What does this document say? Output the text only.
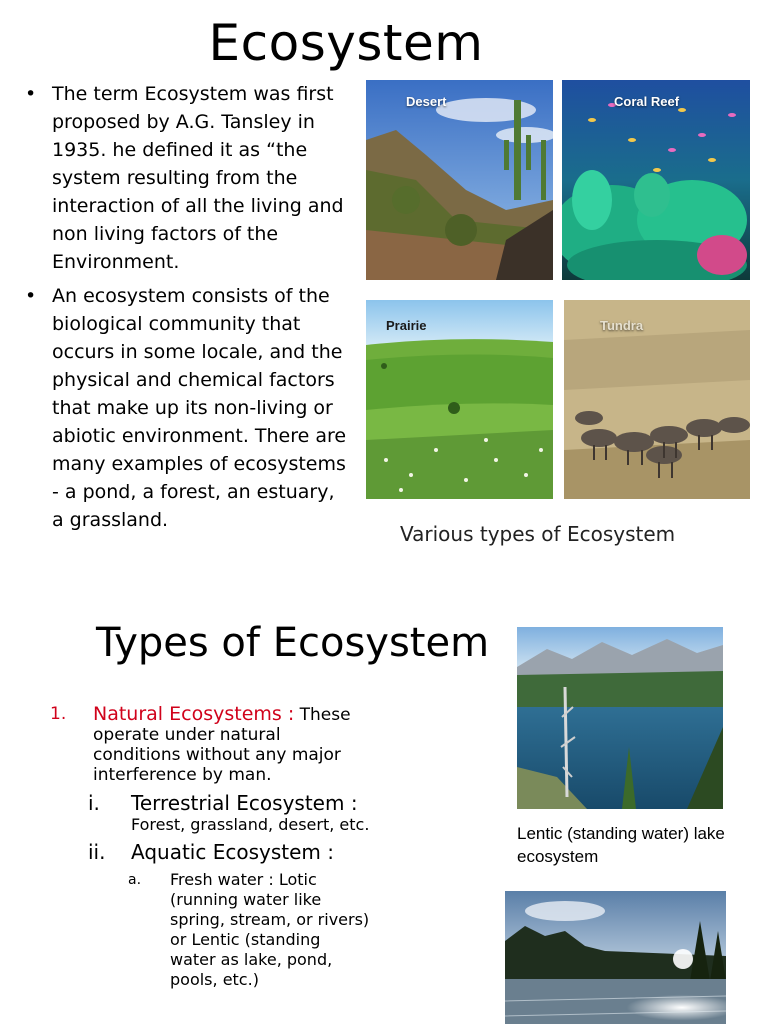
Ecosystem
• The term Ecosystem was first proposed by A.G. Tansley in 1935. he defined it as “the system resulting from the interaction of all the living and non living factors of the Environment.
• An ecosystem consists of the biological community that occurs in some locale, and the physical and chemical factors that make up its non-living or abiotic environment. There are many examples of ecosystems - a pond, a forest, an estuary, a grassland.
Desert	Coral Reef
Prairie	Tundra
Various types of Ecosystem
Types of Ecosystem
1. Natural Ecosystems : These operate under natural conditions without any major interference by man.
i. Terrestrial Ecosystem :
Forest, grassland, desert, etc.
ii. Aquatic Ecosystem :
a. Fresh water : Lotic (running water like spring, stream, or rivers) or Lentic (standing water as lake, pond, pools, etc.)
Lentic (standing water) lake ecosystem
